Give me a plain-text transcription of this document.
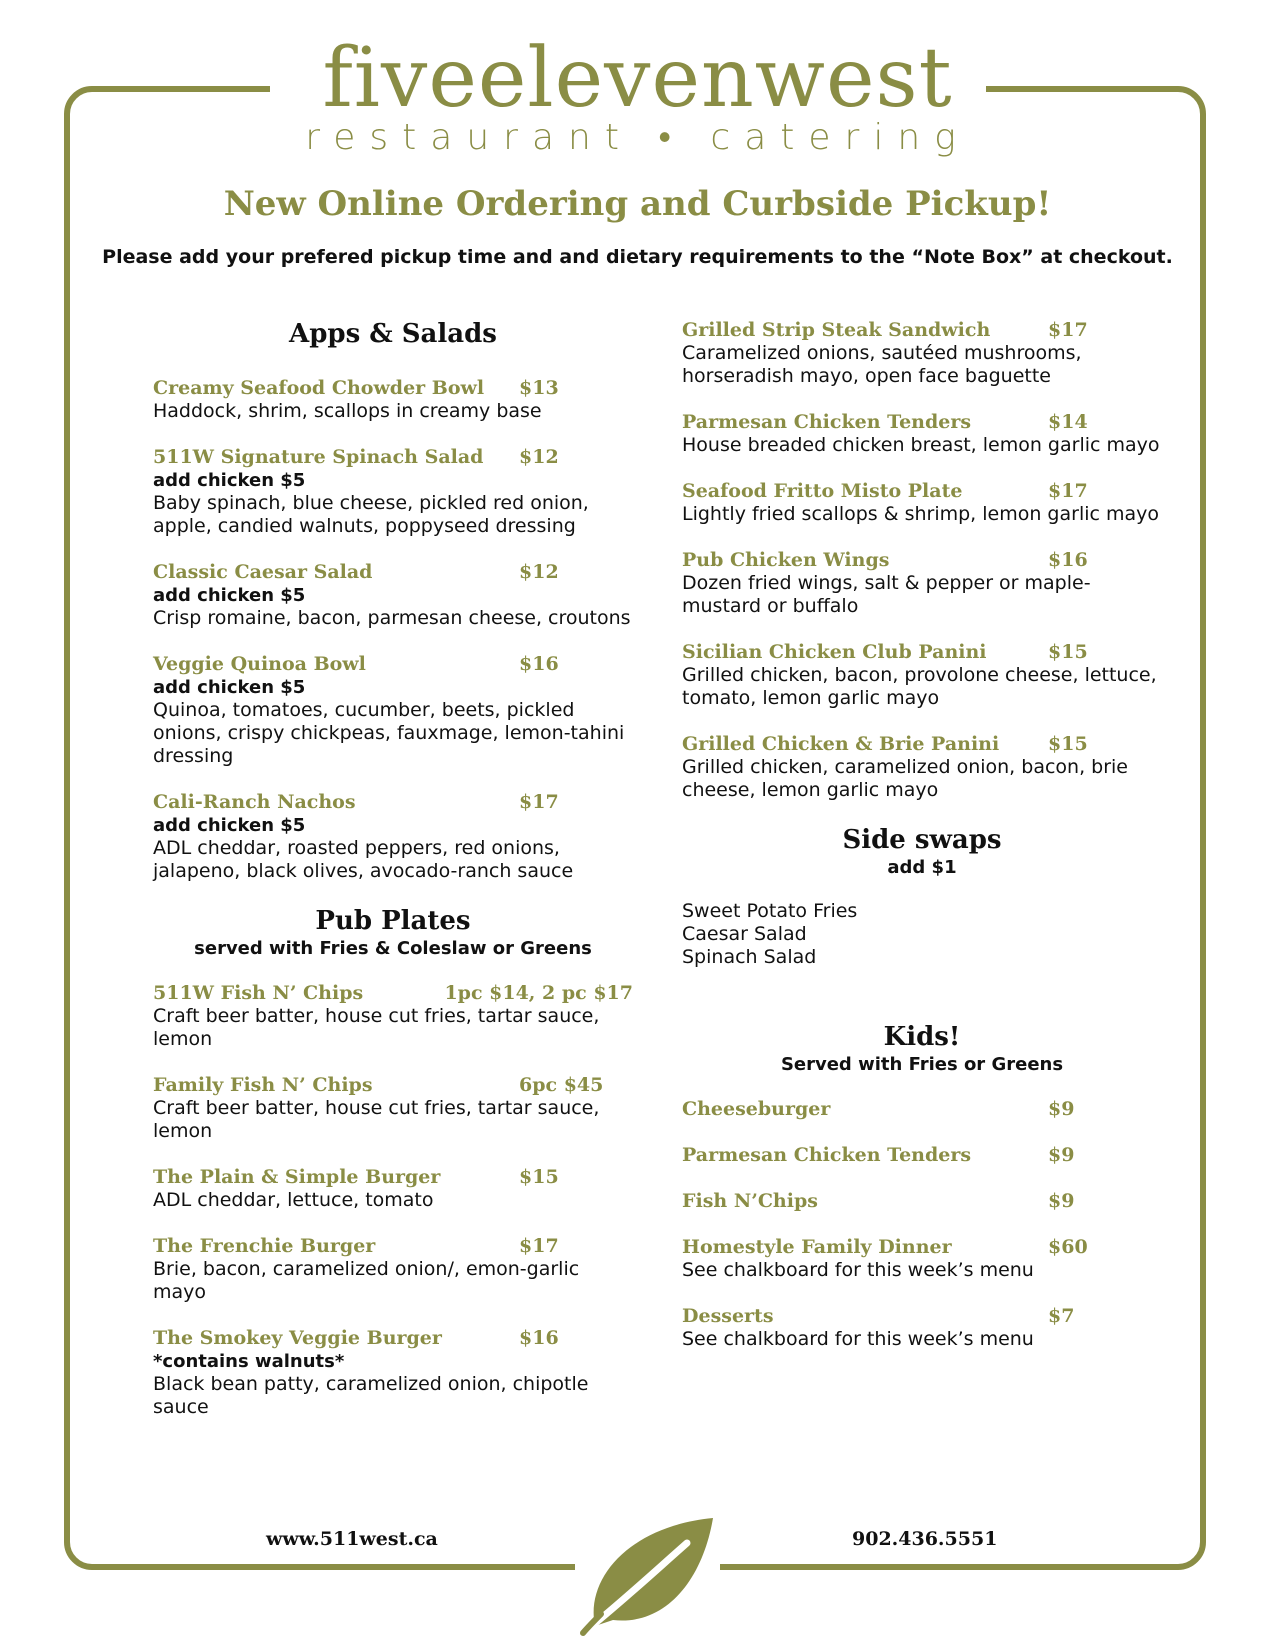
fiveelevenwest
restaurant • catering
New Online Ordering and Curbside Pickup!
Please add your prefered pickup time and and dietary requirements to the “Note Box” at checkout.
Apps & Salads
Creamy Seafood Chowder Bowl	$13
Haddock, shrim, scallops in creamy base
511W Signature Spinach Salad	$12
add chicken $5
Baby spinach, blue cheese, pickled red onion, apple, candied walnuts, poppyseed dressing
Classic Caesar Salad	$12
add chicken $5
Crisp romaine, bacon, parmesan cheese, croutons
Veggie Quinoa Bowl	$16
add chicken $5
Quinoa, tomatoes, cucumber, beets, pickled onions, crispy chickpeas, fauxmage, lemon-tahini dressing
Cali-Ranch Nachos	$17
add chicken $5
ADL cheddar, roasted peppers, red onions, jalapeno, black olives, avocado-ranch sauce
Pub Plates
served with Fries & Coleslaw or Greens
511W Fish N’ Chips	1pc $14, 2 pc $17
Craft beer batter, house cut fries, tartar sauce, lemon
Family Fish N’ Chips	6pc $45
Craft beer batter, house cut fries, tartar sauce, lemon
The Plain & Simple Burger	$15
ADL cheddar, lettuce, tomato
The Frenchie Burger	$17
Brie, bacon, caramelized onion/, emon-garlic mayo
The Smokey Veggie Burger	$16
*contains walnuts*
Black bean patty, caramelized onion, chipotle sauce
Grilled Strip Steak Sandwich	$17
Caramelized onions, sautéed mushrooms, horseradish mayo, open face baguette
Parmesan Chicken Tenders	$14
House breaded chicken breast, lemon garlic mayo
Seafood Fritto Misto Plate	$17
Lightly fried scallops & shrimp, lemon garlic mayo
Pub Chicken Wings	$16
Dozen fried wings, salt & pepper or maple-mustard or buffalo
Sicilian Chicken Club Panini	$15
Grilled chicken, bacon, provolone cheese, lettuce, tomato, lemon garlic mayo
Grilled Chicken & Brie Panini	$15
Grilled chicken, caramelized onion, bacon, brie cheese, lemon garlic mayo
Side swaps
add $1
Sweet Potato Fries
Caesar Salad
Spinach Salad
Kids!
Served with Fries or Greens
Cheeseburger	$9
Parmesan Chicken Tenders	$9
Fish N’Chips	$9
Homestyle Family Dinner	$60
See chalkboard for this week’s menu
Desserts	$7
See chalkboard for this week’s menu
www.511west.ca	902.436.5551
